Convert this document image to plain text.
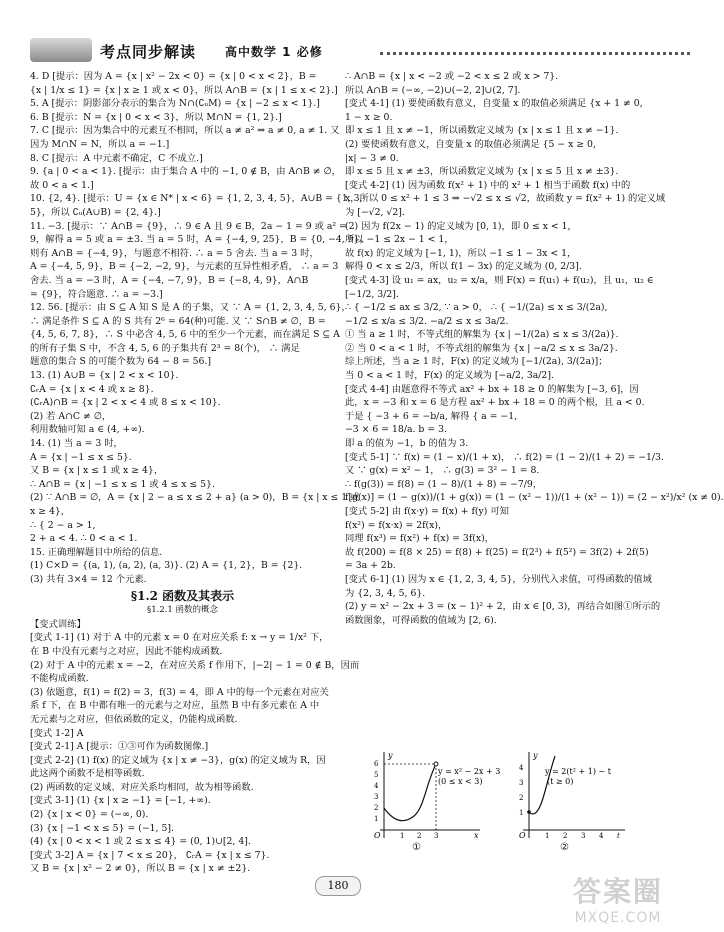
考点同步解读 高中数学 1 必修

4. D [提示：因为 A = {x | x² − 2x < 0} = {x | 0 < x < 2}，B =

{x | 1/x ≤ 1} = {x | x ≥ 1 或 x < 0}，所以 A∩B = {x | 1 ≤ x < 2}.]

5. A [提示：阴影部分表示的集合为 N∩(∁ᵤM) = {x | −2 ≤ x < 1}.]

6. B [提示：N = {x | 0 < x < 3}，所以 M∩N = {1, 2}.]

7. C [提示：因为集合中的元素互不相同，所以 a ≠ a² ⇒ a ≠ 0, a ≠ 1. 又

因为 M∩N = N，所以 a = −1.]

8. C [提示：A 中元素不确定，C 不成立.]

9. {a | 0 < a < 1}. [提示：由于集合 A 中的 −1, 0 ∉ B，由 A∩B ≠ ∅，

故 0 < a < 1.]

10. {2, 4}. [提示：U = {x ∈ N* | x < 6} = {1, 2, 3, 4, 5}，A∪B = {1, 3,

5}，所以 ∁ᵤ(A∪B) = {2, 4}.]

11. −3. [提示：∵ A∩B = {9}，∴ 9 ∈ A 且 9 ∈ B，2a − 1 = 9 或 a² =

9，解得 a = 5 或 a = ±3. 当 a = 5 时，A = {−4, 9, 25}，B = {0, −4, 9}，

则有 A∩B = {−4, 9}，与题意不相符. ∴ a = 5 舍去. 当 a = 3 时，

A = {−4, 5, 9}，B = {−2, −2, 9}，与元素的互异性相矛盾， ∴ a = 3

舍去. 当 a = −3 时，A = {−4, −7, 9}，B = {−8, 4, 9}，A∩B

= {9}，符合题意. ∴ a = −3.]

12. 56. [提示：由 S ⊆ A 知 S 是 A 的子集，又 ∵ A = {1, 2, 3, 4, 5, 6}，

∴ 满足条件 S ⊆ A 的 S 共有 2⁶ = 64(种)可能. 又 ∵ S∩B ≠ ∅，B =

{4, 5, 6, 7, 8}，∴ S 中必含 4, 5, 6 中的至少一个元素，而在满足 S ⊆ A

的所有子集 S 中，不含 4, 5, 6 的子集共有 2³ = 8(个)， ∴ 满足

题意的集合 S 的可能个数为 64 − 8 = 56.]

13. (1) A∪B = {x | 2 < x < 10}.

∁ᵣA = {x | x < 4 或 x ≥ 8}.

(∁ᵣA)∩B = {x | 2 < x < 4 或 8 ≤ x < 10}.

(2) 若 A∩C ≠ ∅，

利用数轴可知 a ∈ (4, +∞).

14. (1) 当 a = 3 时，

A = {x | −1 ≤ x ≤ 5}.

又 B = {x | x ≤ 1 或 x ≥ 4}，

∴ A∩B = {x | −1 ≤ x ≤ 1 或 4 ≤ x ≤ 5}.

(2) ∵ A∩B = ∅，A = {x | 2 − a ≤ x ≤ 2 + a} (a > 0)，B = {x | x ≤ 1 或

x ≥ 4}，

∴ { 2 − a > 1,

2 + a < 4. ∴ 0 < a < 1.

15. 正确理解题目中所给的信息.

(1) C×D = {(a, 1), (a, 2), (a, 3)}. (2) A = {1, 2}，B = {2}.

(3) 共有 3×4 = 12 个元素.

§1.2 函数及其表示

§1.2.1 函数的概念

【变式训练】

[变式 1-1] (1) 对于 A 中的元素 x = 0 在对应关系 f: x → y = 1/x² 下，

在 B 中没有元素与之对应，因此不能构成函数.

(2) 对于 A 中的元素 x = −2，在对应关系 f 作用下，|−2| − 1 = 0 ∉ B，因而

不能构成函数.

(3) 依题意，f(1) = f(2) = 3，f(3) = 4，即 A 中的每一个元素在对应关

系 f 下，在 B 中都有唯一的元素与之对应，虽然 B 中有多元素在 A 中

无元素与之对应，但依函数的定义，仍能构成函数.

[变式 1-2] A

[变式 2-1] A [提示：①③可作为函数图像.]

[变式 2-2] (1) f(x) 的定义域为 {x | x ≠ −3}，g(x) 的定义域为 R，因

此这两个函数不是相等函数.

(2) 两函数的定义域、对应关系均相同，故为相等函数.

[变式 3-1] (1) {x | x ≥ −1} = [−1, +∞).

(2) {x | x < 0} = (−∞, 0).

(3) {x | −1 < x ≤ 5} = (−1, 5].

(4) {x | 0 < x < 1 或 2 ≤ x ≤ 4} = (0, 1)∪[2, 4].

[变式 3-2] A = {x | 7 < x ≤ 20}， ∁ᵣA = {x | x ≤ 7}.

又 B = {x | x² − 2 ≠ 0}，所以 B = {x | x ≠ ±2}.

∴ A∩B = {x | x < −2 或 −2 < x ≤ 2 或 x > 7}.

所以 A∩B = (−∞, −2)∪(−2, 2]∪(2, 7].

[变式 4-1] (1) 要使函数有意义，自变量 x 的取值必须满足 {x + 1 ≠ 0,

1 − x ≥ 0.

即 x ≤ 1 且 x ≠ −1，所以函数定义域为 {x | x ≤ 1 且 x ≠ −1}.

(2) 要使函数有意义，自变量 x 的取值必须满足 {5 − x ≥ 0,

|x| − 3 ≠ 0.

即 x ≤ 5 且 x ≠ ±3，所以函数定义域为 {x | x ≤ 5 且 x ≠ ±3}.

[变式 4-2] (1) 因为函数 f(x² + 1) 中的 x² + 1 相当于函数 f(x) 中的

x，所以 0 ≤ x² + 1 ≤ 3 ⇒ −√2 ≤ x ≤ √2，故函数 y = f(x² + 1) 的定义域

为 [−√2, √2].

(2) 因为 f(2x − 1) 的定义域为 [0, 1)，即 0 ≤ x < 1，

所以 −1 ≤ 2x − 1 < 1，

故 f(x) 的定义域为 [−1, 1)，所以 −1 ≤ 1 − 3x < 1，

解得 0 < x ≤ 2/3，所以 f(1 − 3x) 的定义域为 (0, 2/3].

[变式 4-3] 设 u₁ = ax，u₂ = x/a，则 F(x) = f(u₁) + f(u₂)，且 u₁，u₂ ∈

[−1/2, 3/2].

∴ { −1/2 ≤ ax ≤ 3/2, ∵ a > 0， ∴ { −1/(2a) ≤ x ≤ 3/(2a),

−1/2 ≤ x/a ≤ 3/2. −a/2 ≤ x ≤ 3a/2.

① 当 a ≥ 1 时，不等式组的解集为 {x | −1/(2a) ≤ x ≤ 3/(2a)}.

② 当 0 < a < 1 时，不等式组的解集为 {x | −a/2 ≤ x ≤ 3a/2}.

综上所述，当 a ≥ 1 时，F(x) 的定义域为 [−1/(2a), 3/(2a)]；

当 0 < a < 1 时，F(x) 的定义域为 [−a/2, 3a/2].

[变式 4-4] 由题意得不等式 ax² + bx + 18 ≥ 0 的解集为 [−3, 6]，因

此，x = −3 和 x = 6 是方程 ax² + bx + 18 = 0 的两个根，且 a < 0.

于是 { −3 + 6 = −b/a, 解得 { a = −1,

−3 × 6 = 18/a. b = 3.

即 a 的值为 −1，b 的值为 3.

[变式 5-1] ∵ f(x) = (1 − x)/(1 + x)， ∴ f(2) = (1 − 2)/(1 + 2) = −1/3.

又 ∵ g(x) = x² − 1， ∴ g(3) = 3² − 1 = 8.

∴ f(g(3)) = f(8) = (1 − 8)/(1 + 8) = −7/9，

f[g(x)] = (1 − g(x))/(1 + g(x)) = (1 − (x² − 1))/(1 + (x² − 1)) = (2 − x²)/x² (x ≠ 0).

[变式 5-2] 由 f(x·y) = f(x) + f(y) 可知

f(x²) = f(x·x) = 2f(x)，

同理 f(x³) = f(x²) + f(x) = 3f(x)，

故 f(200) = f(8 × 25) = f(8) + f(25) = f(2³) + f(5²) = 3f(2) + 2f(5)

= 3a + 2b.

[变式 6-1] (1) 因为 x ∈ {1, 2, 3, 4, 5}，分别代入求值，可得函数的值域

为 {2, 3, 4, 5, 6}.

(2) y = x² − 2x + 3 = (x − 1)² + 2，由 x ∈ [0, 3)，再结合如图①所示的

函数图象，可得函数的值域为 [2, 6).

y = x² − 2x + 3
(0 ≤ x < 3)
O	x
y
6
5
4
3
2
1
1 2 3
y = 2(t² + 1) − t
(t ≥ 0)
O
y
4
3
2
1
1 2 3 4 t
①	②
180	答案圈
MXQE.COM
